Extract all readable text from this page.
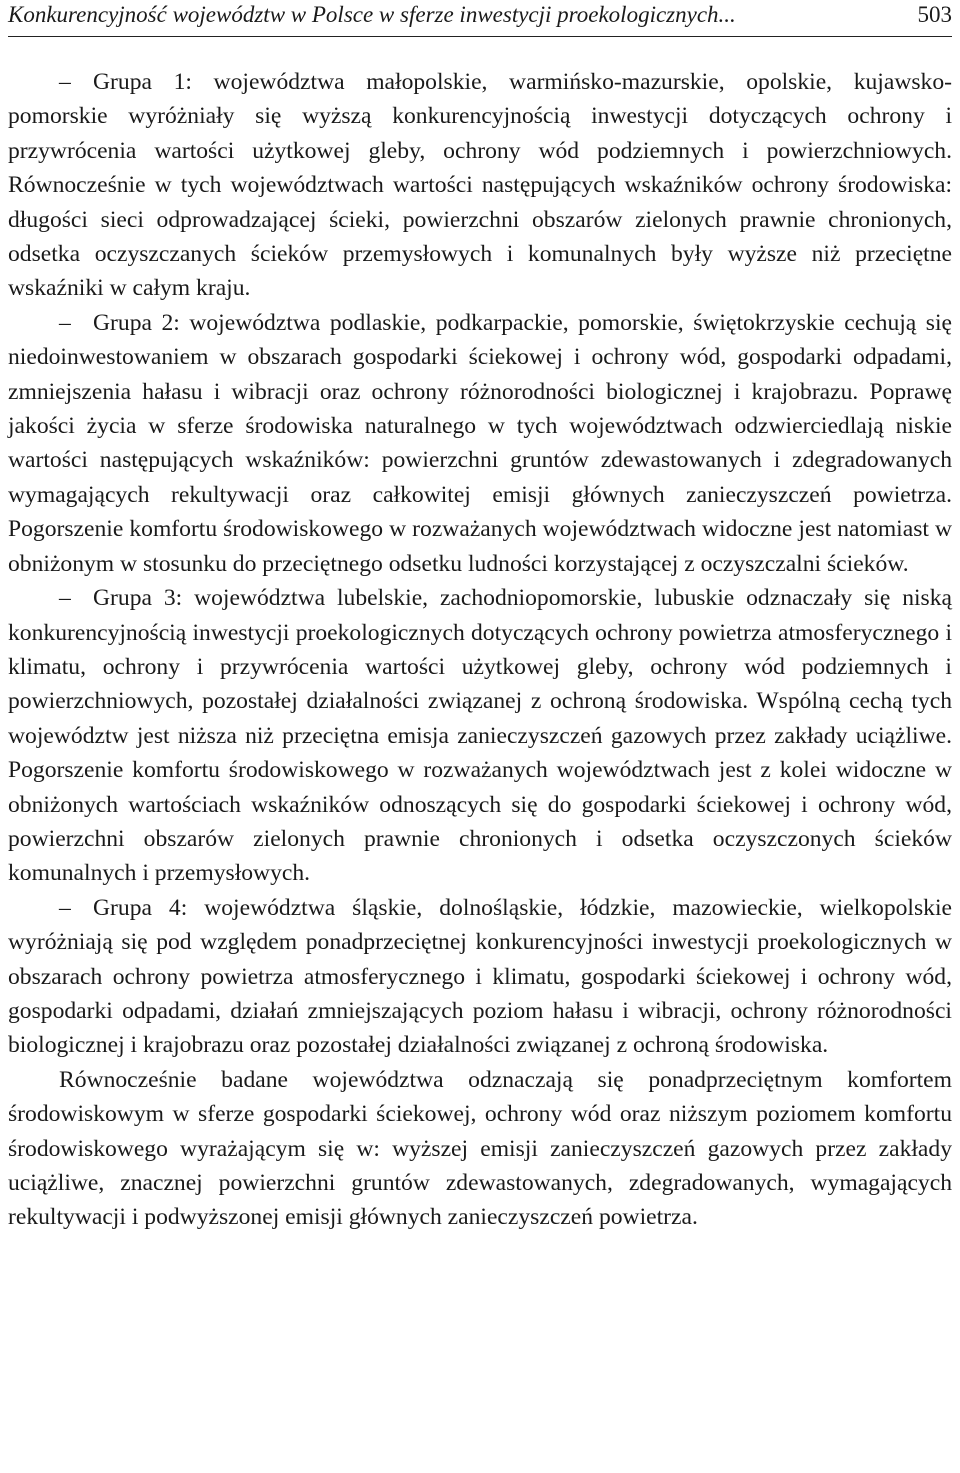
Konkurencyjność województw w Polsce w sferze inwestycji proekologicznych...	503

– Grupa 1: województwa małopolskie, warmińsko-mazurskie, opolskie, kujawsko-pomorskie wyróżniały się wyższą konkurencyjnością inwestycji dotyczących ochrony i przywrócenia wartości użytkowej gleby, ochrony wód podziemnych i powierzchniowych. Równocześnie w tych województwach wartości następujących wskaźników ochrony środowiska: długości sieci odprowadzającej ścieki, powierzchni obszarów zielonych prawnie chronionych, odsetka oczyszczanych ścieków przemysłowych i komunalnych były wyższe niż przeciętne wskaźniki w całym kraju.

– Grupa 2: województwa podlaskie, podkarpackie, pomorskie, świętokrzyskie cechują się niedoinwestowaniem w obszarach gospodarki ściekowej i ochrony wód, gospodarki odpadami, zmniejszenia hałasu i wibracji oraz ochrony różnorodności biologicznej i krajobrazu. Poprawę jakości życia w sferze środowiska naturalnego w tych województwach odzwierciedlają niskie wartości następujących wskaźników: powierzchni gruntów zdewastowanych i zdegradowanych wymagających rekultywacji oraz całkowitej emisji głównych zanieczyszczeń powietrza. Pogorszenie komfortu środowiskowego w rozważanych województwach widoczne jest natomiast w obniżonym w stosunku do przeciętnego odsetku ludności korzystającej z oczyszczalni ścieków.

– Grupa 3: województwa lubelskie, zachodniopomorskie, lubuskie odznaczały się niską konkurencyjnością inwestycji proekologicznych dotyczących ochrony powietrza atmosferycznego i klimatu, ochrony i przywrócenia wartości użytkowej gleby, ochrony wód podziemnych i powierzchniowych, pozostałej działalności związanej z ochroną środowiska. Wspólną cechą tych województw jest niższa niż przeciętna emisja zanieczyszczeń gazowych przez zakłady uciążliwe. Pogorszenie komfortu środowiskowego w rozważanych województwach jest z kolei widoczne w obniżonych wartościach wskaźników odnoszących się do gospodarki ściekowej i ochrony wód, powierzchni obszarów zielonych prawnie chronionych i odsetka oczyszczonych ścieków komunalnych i przemysłowych.

– Grupa 4: województwa śląskie, dolnośląskie, łódzkie, mazowieckie, wielkopolskie wyróżniają się pod względem ponadprzeciętnej konkurencyjności inwestycji proekologicznych w obszarach ochrony powietrza atmosferycznego i klimatu, gospodarki ściekowej i ochrony wód, gospodarki odpadami, działań zmniejszających poziom hałasu i wibracji, ochrony różnorodności biologicznej i krajobrazu oraz pozostałej działalności związanej z ochroną środowiska.

Równocześnie badane województwa odznaczają się ponadprzeciętnym komfortem środowiskowym w sferze gospodarki ściekowej, ochrony wód oraz niższym poziomem komfortu środowiskowego wyrażającym się w: wyższej emisji zanieczyszczeń gazowych przez zakłady uciążliwe, znacznej powierzchni gruntów zdewastowanych, zdegradowanych, wymagających rekultywacji i podwyższonej emisji głównych zanieczyszczeń powietrza.
